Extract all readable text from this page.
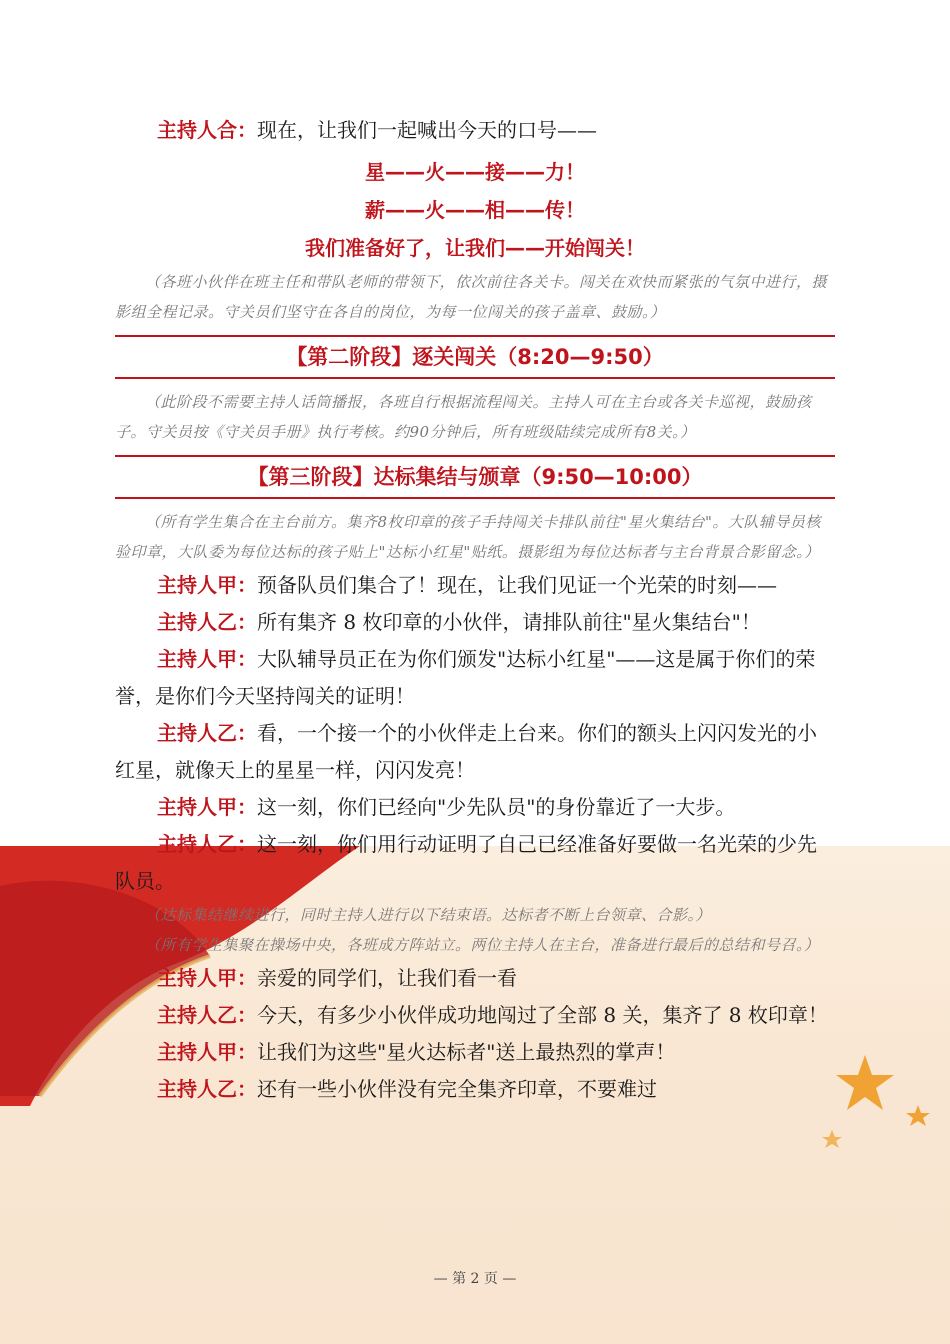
主持人合：现在，让我们一起喊出今天的口号——

星——火——接——力！

薪——火——相——传！

我们准备好了，让我们——开始闯关！

（各班小伙伴在班主任和带队老师的带领下，依次前往各关卡。闯关在欢快而紧张的气氛中进行，摄影组全程记录。守关员们坚守在各自的岗位，为每一位闯关的孩子盖章、鼓励。）

【第二阶段】逐关闯关（8:20—9:50）

（此阶段不需要主持人话筒播报，各班自行根据流程闯关。主持人可在主台或各关卡巡视，鼓励孩子。守关员按《守关员手册》执行考核。约90分钟后，所有班级陆续完成所有8关。）

【第三阶段】达标集结与颁章（9:50—10:00）

（所有学生集合在主台前方。集齐8枚印章的孩子手持闯关卡排队前往"星火集结台"。大队辅导员核验印章，大队委为每位达标的孩子贴上"达标小红星"贴纸。摄影组为每位达标者与主台背景合影留念。）

主持人甲：预备队员们集合了！现在，让我们见证一个光荣的时刻——

主持人乙：所有集齐 8 枚印章的小伙伴，请排队前往"星火集结台"！

主持人甲：大队辅导员正在为你们颁发"达标小红星"——这是属于你们的荣誉，是你们今天坚持闯关的证明！

主持人乙：看，一个接一个的小伙伴走上台来。你们的额头上闪闪发光的小红星，就像天上的星星一样，闪闪发亮！

主持人甲：这一刻，你们已经向"少先队员"的身份靠近了一大步。

主持人乙：这一刻，你们用行动证明了自己已经准备好要做一名光荣的少先队员。

（达标集结继续进行，同时主持人进行以下结束语。达标者不断上台领章、合影。）

（所有学生集聚在操场中央，各班成方阵站立。两位主持人在主台，准备进行最后的总结和号召。）

主持人甲：亲爱的同学们，让我们看一看

主持人乙：今天，有多少小伙伴成功地闯过了全部 8 关，集齐了 8 枚印章！

主持人甲：让我们为这些"星火达标者"送上最热烈的掌声！

主持人乙：还有一些小伙伴没有完全集齐印章，不要难过

— 第 2 页 —
